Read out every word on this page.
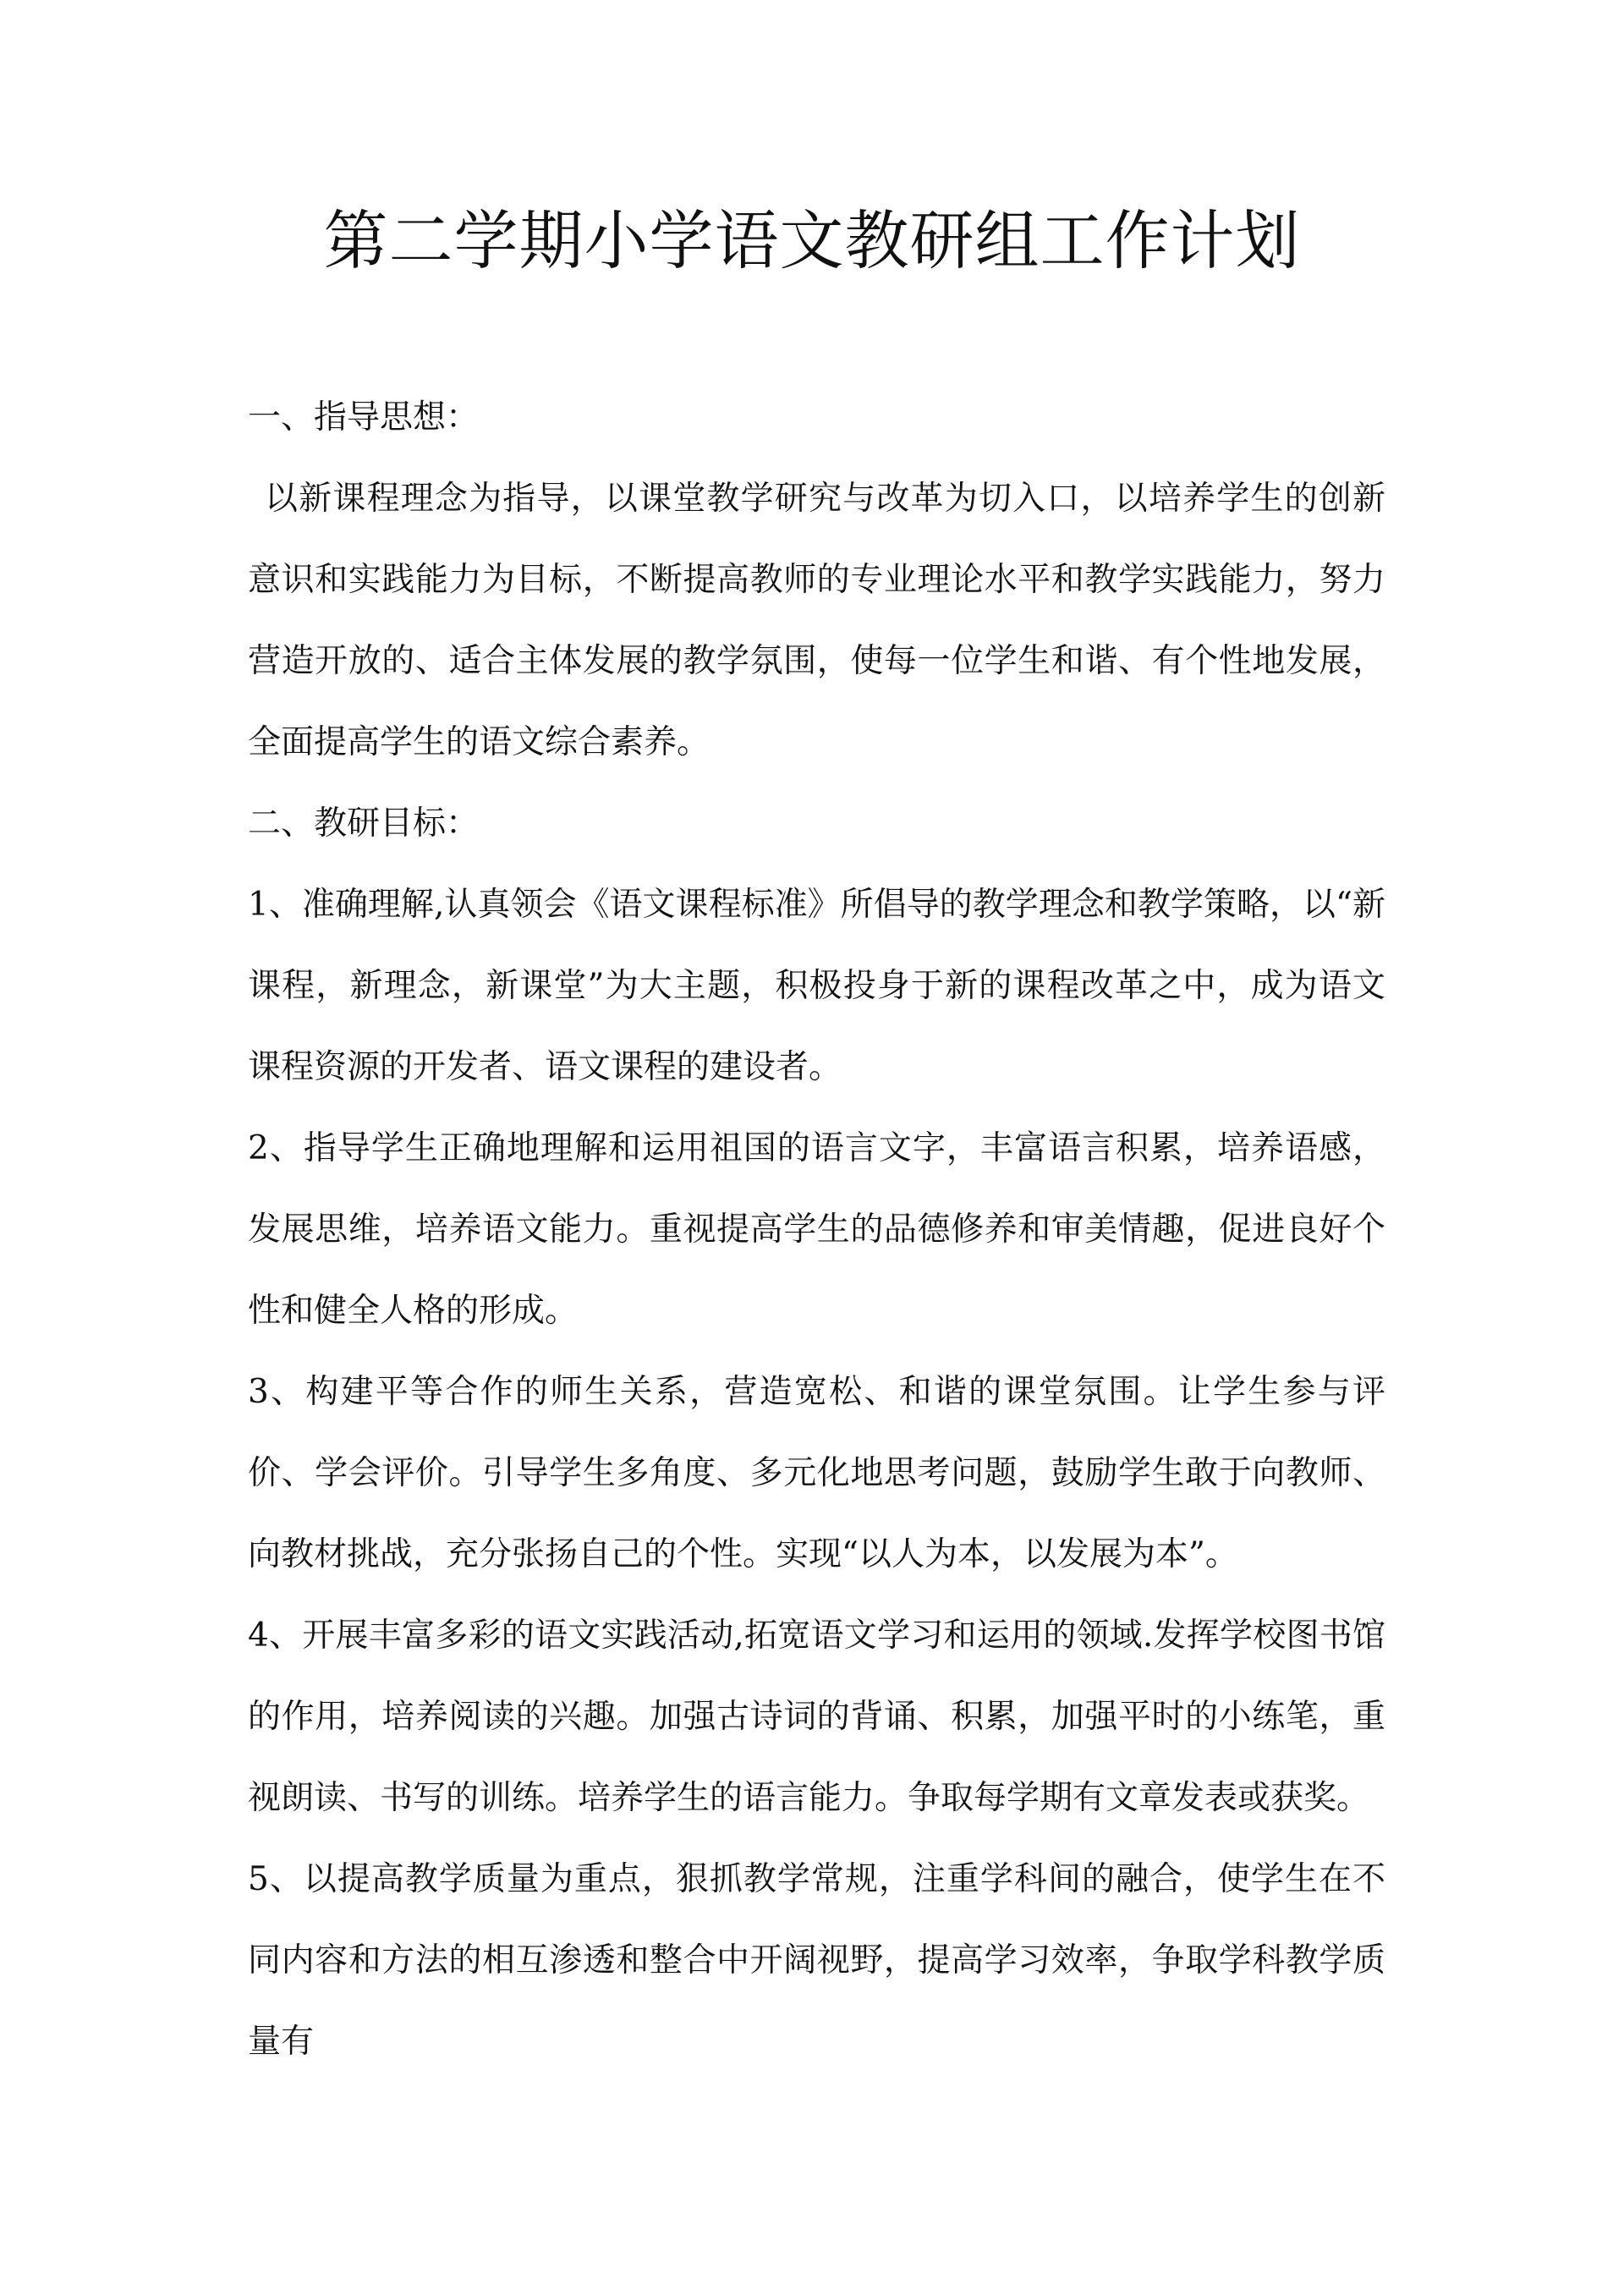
第二学期小学语文教研组工作计划

一、指导思想：

以新课程理念为指导，以课堂教学研究与改革为切入口，以培养学生的创新意识和实践能力为目标，不断提高教师的专业理论水平和教学实践能力，努力营造开放的、适合主体发展的教学氛围，使每一位学生和谐、有个性地发展，全面提高学生的语文综合素养。

二、教研目标：

1、准确理解,认真领会《语文课程标准》所倡导的教学理念和教学策略，以“新课程，新理念，新课堂”为大主题，积极投身于新的课程改革之中，成为语文课程资源的开发者、语文课程的建设者。

2、指导学生正确地理解和运用祖国的语言文字，丰富语言积累，培养语感，发展思维，培养语文能力。重视提高学生的品德修养和审美情趣，促进良好个性和健全人格的形成。

3、构建平等合作的师生关系，营造宽松、和谐的课堂氛围。让学生参与评价、学会评价。引导学生多角度、多元化地思考问题，鼓励学生敢于向教师、向教材挑战，充分张扬自己的个性。实现“以人为本，以发展为本”。

4、开展丰富多彩的语文实践活动,拓宽语文学习和运用的领域.发挥学校图书馆的作用，培养阅读的兴趣。加强古诗词的背诵、积累，加强平时的小练笔，重视朗读、书写的训练。培养学生的语言能力。争取每学期有文章发表或获奖。

5、以提高教学质量为重点，狠抓教学常规，注重学科间的融合，使学生在不同内容和方法的相互渗透和整合中开阔视野，提高学习效率，争取学科教学质量有
